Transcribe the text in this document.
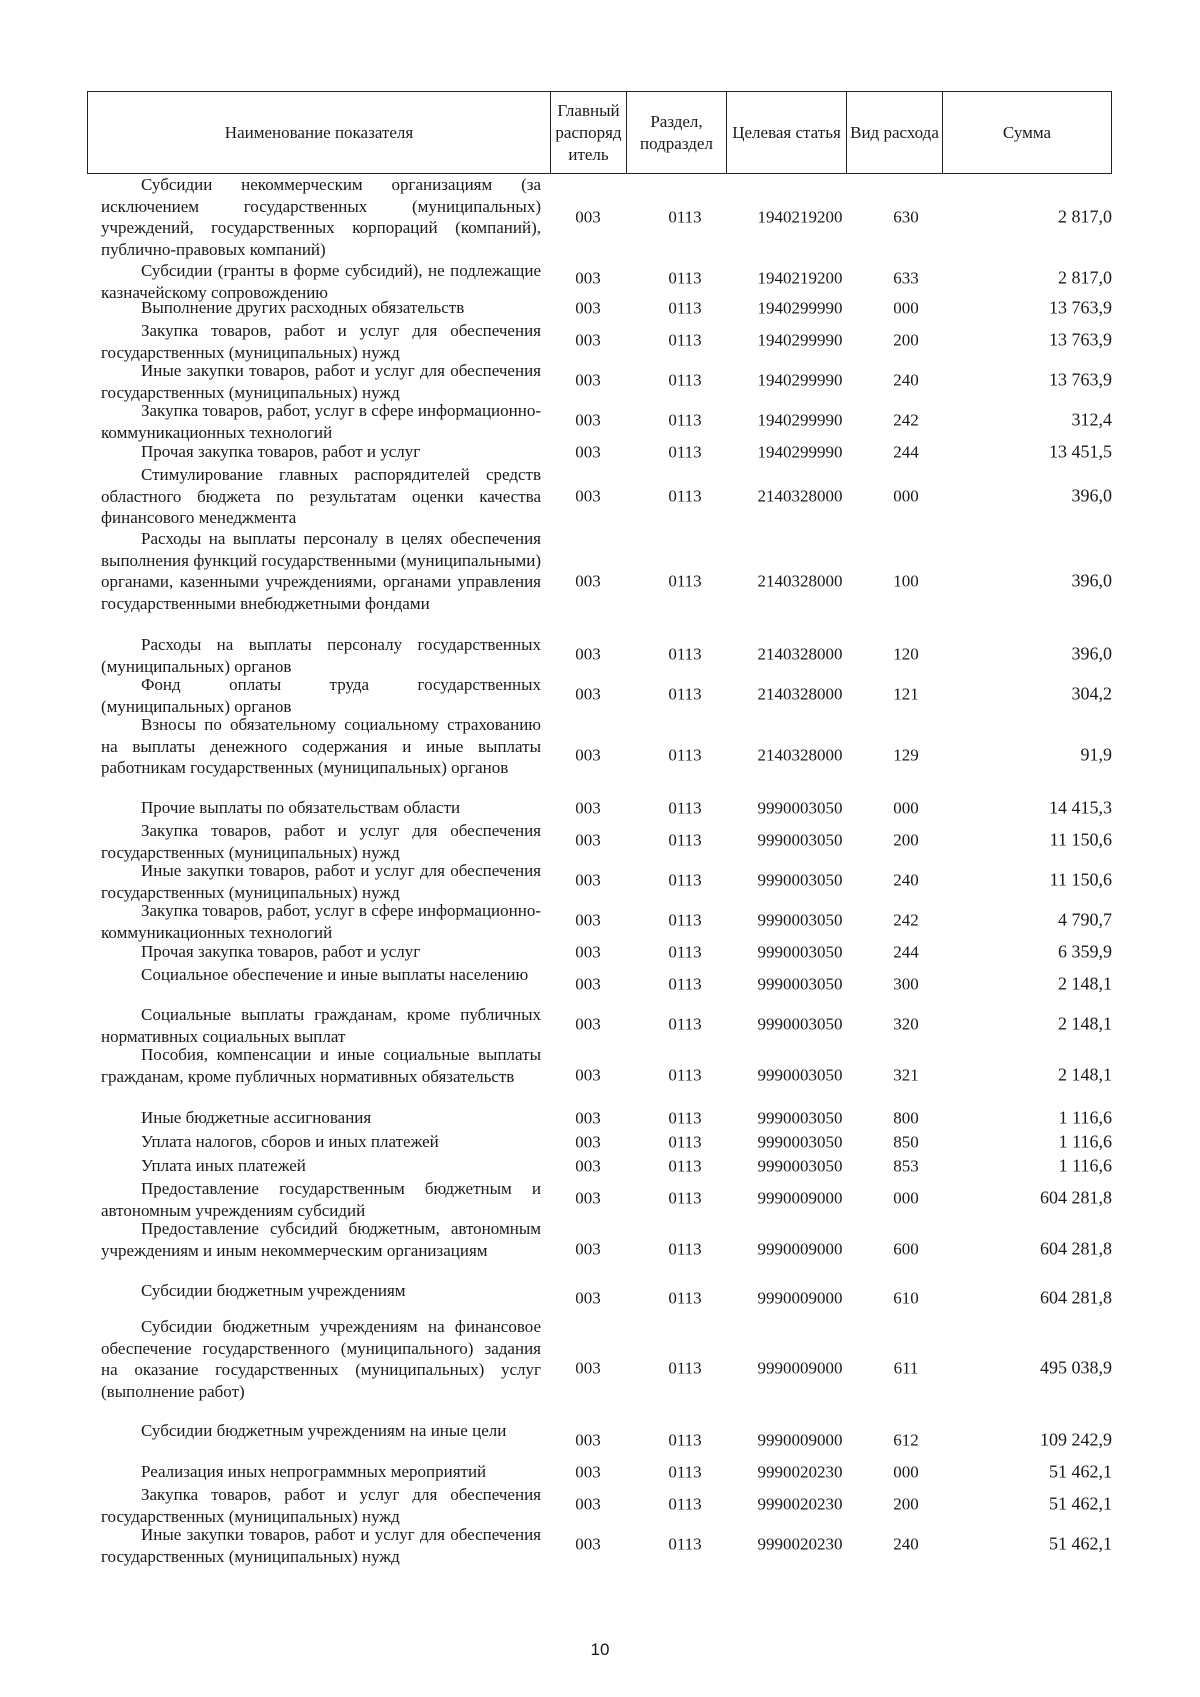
Наименование показателя	Главный распоряд итель	Раздел, подраздел	Целевая статья	Вид расхода	Сумма
Субсидии некоммерческим организациям (за исключением государственных (муниципальных) учреждений, государственных корпораций (компаний), публично-правовых компаний)
003	0113	1940219200	630	2 817,0
Субсидии (гранты в форме субсидий), не подлежащие казначейскому сопровождению
003	0113	1940219200	633	2 817,0
Выполнение других расходных обязательств	003	0113	1940299990	000	13 763,9
Закупка товаров, работ и услуг для обеспечения государственных (муниципальных) нужд
003	0113	1940299990	200	13 763,9
Иные закупки товаров, работ и услуг для обеспечения государственных (муниципальных) нужд
003	0113	1940299990	240	13 763,9
Закупка товаров, работ, услуг в сфере информационно-коммуникационных технологий
003	0113	1940299990	242	312,4
Прочая закупка товаров, работ и услуг	003	0113	1940299990	244	13 451,5
Стимулирование главных распорядителей средств областного бюджета по результатам оценки качества финансового менеджмента
003	0113	2140328000	000	396,0
Расходы на выплаты персоналу в целях обеспечения выполнения функций государственными (муниципальными) органами, казенными учреждениями, органами управления государственными внебюджетными фондами
003	0113	2140328000	100	396,0
Расходы на выплаты персоналу государственных (муниципальных) органов
003	0113	2140328000	120	396,0
Фонд оплаты труда государственных (муниципальных) органов
003	0113	2140328000	121	304,2
Взносы по обязательному социальному страхованию на выплаты денежного содержания и иные выплаты работникам государственных (муниципальных) органов
003	0113	2140328000	129	91,9
Прочие выплаты по обязательствам области	003	0113	9990003050	000	14 415,3
Закупка товаров, работ и услуг для обеспечения государственных (муниципальных) нужд
003	0113	9990003050	200	11 150,6
Иные закупки товаров, работ и услуг для обеспечения государственных (муниципальных) нужд
003	0113	9990003050	240	11 150,6
Закупка товаров, работ, услуг в сфере информационно-коммуникационных технологий
003	0113	9990003050	242	4 790,7
Прочая закупка товаров, работ и услуг	003	0113	9990003050	244	6 359,9
Социальное обеспечение и иные выплаты населению	003	0113	9990003050	300	2 148,1
Социальные выплаты гражданам, кроме публичных нормативных социальных выплат
003	0113	9990003050	320	2 148,1
Пособия, компенсации и иные социальные выплаты гражданам, кроме публичных нормативных обязательств	003	0113	9990003050	321	2 148,1
Иные бюджетные ассигнования	003	0113	9990003050	800	1 116,6
Уплата налогов, сборов и иных платежей	003	0113	9990003050	850	1 116,6
Уплата иных платежей	003	0113	9990003050	853	1 116,6
Предоставление государственным бюджетным и автономным учреждениям субсидий
003	0113	9990009000	000	604 281,8
Предоставление субсидий бюджетным, автономным учреждениям и иным некоммерческим организациям	003	0113	9990009000	600	604 281,8
Субсидии бюджетным учреждениям	003	0113	9990009000	610	604 281,8
Субсидии бюджетным учреждениям на финансовое обеспечение государственного (муниципального) задания на оказание государственных (муниципальных) услуг (выполнение работ)
003	0113	9990009000	611	495 038,9
Субсидии бюджетным учреждениям на иные цели	003	0113	9990009000	612	109 242,9
Реализация иных непрограммных мероприятий	003	0113	9990020230	000	51 462,1
Закупка товаров, работ и услуг для обеспечения государственных (муниципальных) нужд
003	0113	9990020230	200	51 462,1
Иные закупки товаров, работ и услуг для обеспечения государственных (муниципальных) нужд
003	0113	9990020230	240	51 462,1
10
